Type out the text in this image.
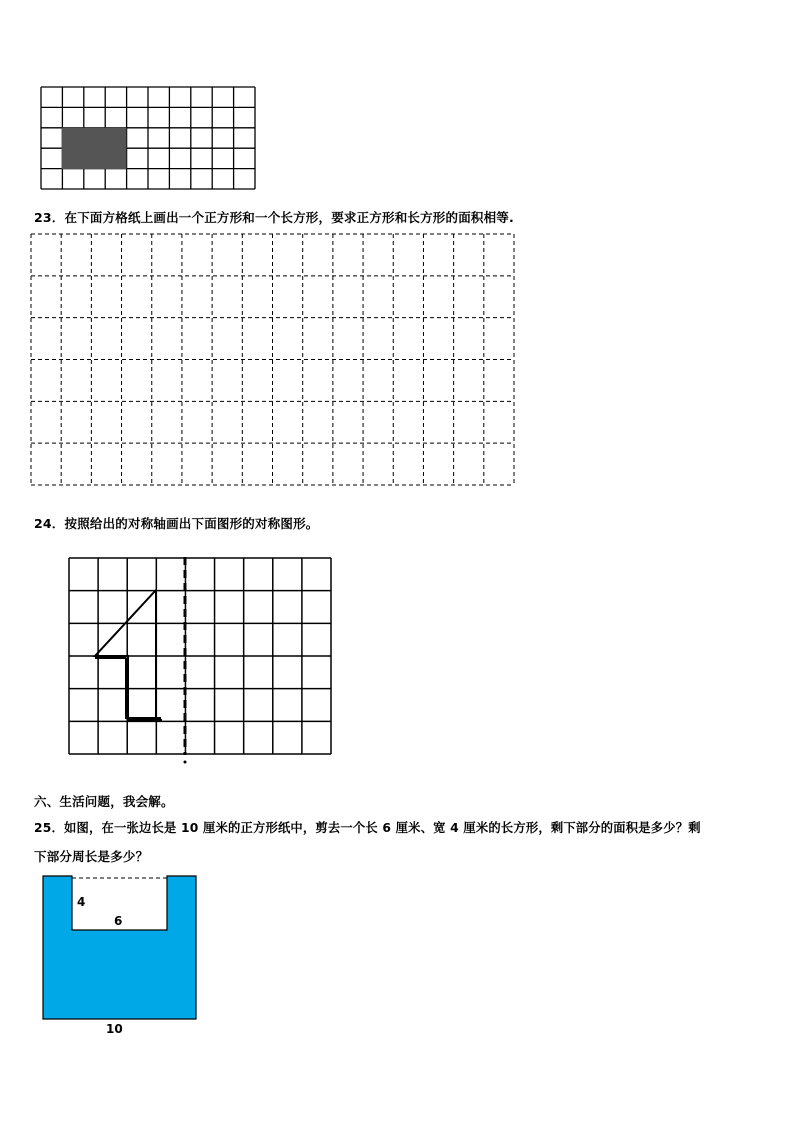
23．在下面方格纸上画出一个正方形和一个长方形，要求正方形和长方形的面积相等.
24．按照给出的对称轴画出下面图形的对称图形。
六、生活问题，我会解。
25．如图，在一张边长是 10 厘米的正方形纸中，剪去一个长 6 厘米、宽 4 厘米的长方形，剩下部分的面积是多少？剩
下部分周长是多少？
4
6
10
